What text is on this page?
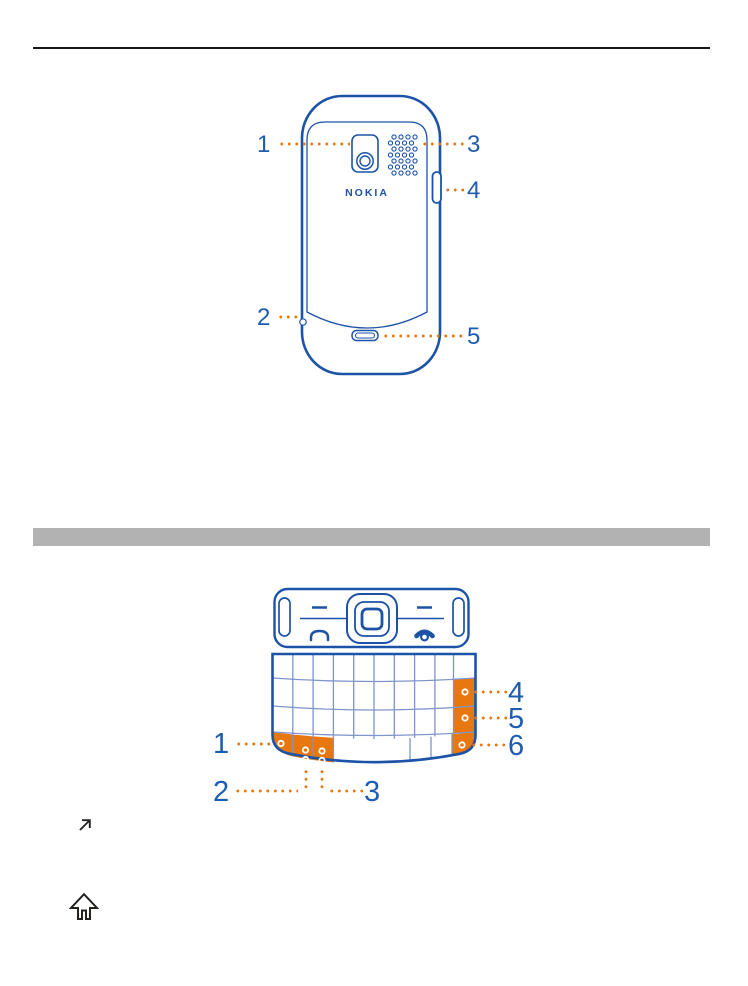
NOKIA
1
2
3
4
5
1
2	3
4
5
6
